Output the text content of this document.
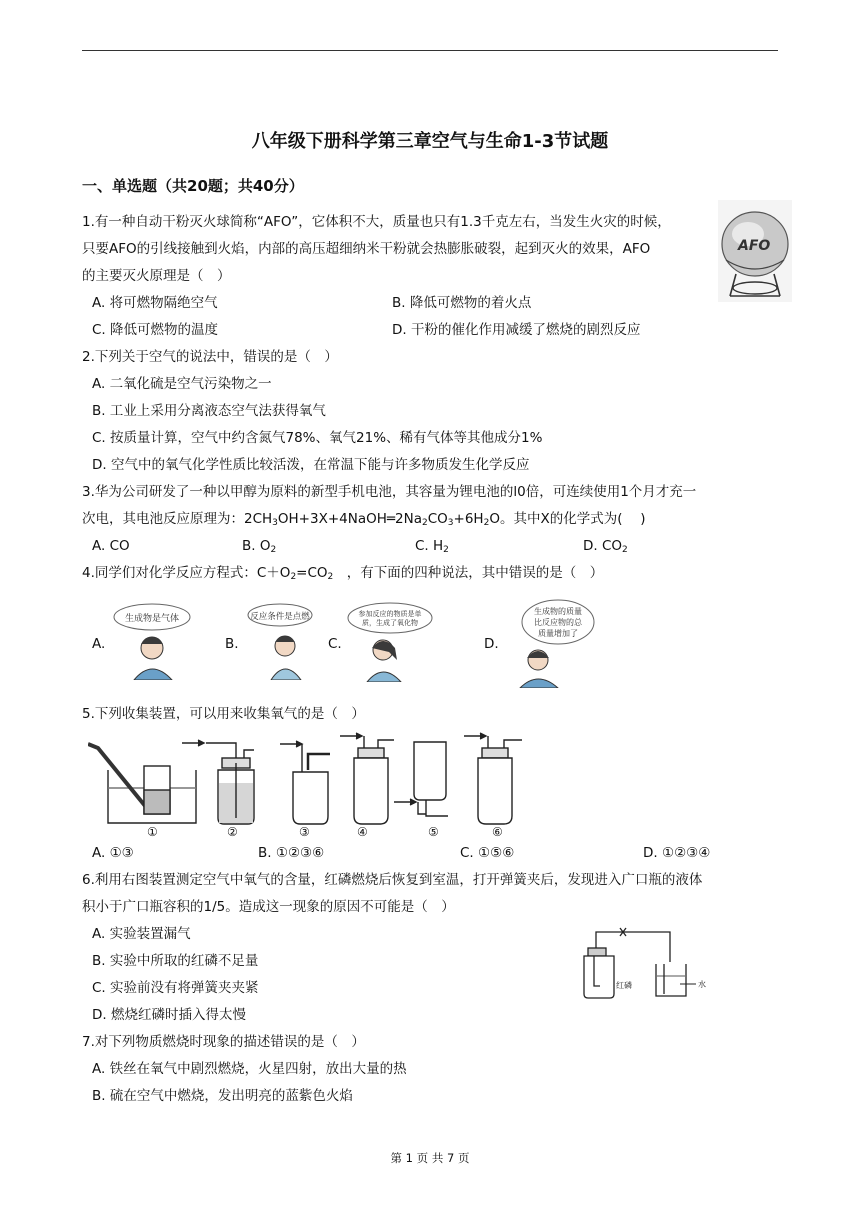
八年级下册科学第三章空气与生命1-3节试题
一、单选题（共20题；共40分）
1.有一种自动干粉灭火球简称“AFO”，它体积不大，质量也只有1.3千克左右，当发生火灾的时候，
只要AFO的引线接触到火焰，内部的高压超细纳米干粉就会热膨胀破裂，起到灭火的效果，AFO
的主要灭火原理是（　）
A. 将可燃物隔绝空气	B. 降低可燃物的着火点
C. 降低可燃物的温度	D. 干粉的催化作用减缓了燃烧的剧烈反应
AFO
2.下列关于空气的说法中，错误的是（　）
A. 二氧化硫是空气污染物之一
B. 工业上采用分离液态空气法获得氧气
C. 按质量计算，空气中约含氮气78%、氧气21%、稀有气体等其他成分1%
D. 空气中的氧气化学性质比较活泼，在常温下能与许多物质发生化学反应
3.华为公司研发了一种以甲醇为原料的新型手机电池，其容量为锂电池的l0倍，可连续使用1个月才充一
次电，其电池反应原理为：$2CH_3OH+3X+4NaOH═2Na_2CO_3+6H_2O$。其中X的化学式为(　 )
A. CO	B. $O_2$	C. $H_2$	D. $CO_2$
4.同学们对化学反应方程式：$C+O_2=CO_2$　，有下面的四种说法，其中错误的是（　）
A.	B.	C.	D.
生成物是气体	反应条件是点燃	参加反应的物质是单
质，生成了氧化物
生成物的质量
比反应物的总
质量增加了
5.下列收集装置，可以用来收集氧气的是（　）
①	②	③	④	⑤	⑥
A. ①③	B. ①②③⑥	C. ①⑤⑥	D. ①②③④
6.利用右图装置测定空气中氧气的含量，红磷燃烧后恢复到室温，打开弹簧夹后，发现进入广口瓶的液体
积小于广口瓶容积的1/5。造成这一现象的原因不可能是（　）
A. 实验装置漏气
B. 实验中所取的红磷不足量
C. 实验前没有将弹簧夹夹紧
D. 燃烧红磷时插入得太慢
红磷	水
7.对下列物质燃烧时现象的描述错误的是（　）
A. 铁丝在氧气中剧烈燃烧，火星四射，放出大量的热
B. 硫在空气中燃烧，发出明亮的蓝紫色火焰
第 1 页 共 7 页
